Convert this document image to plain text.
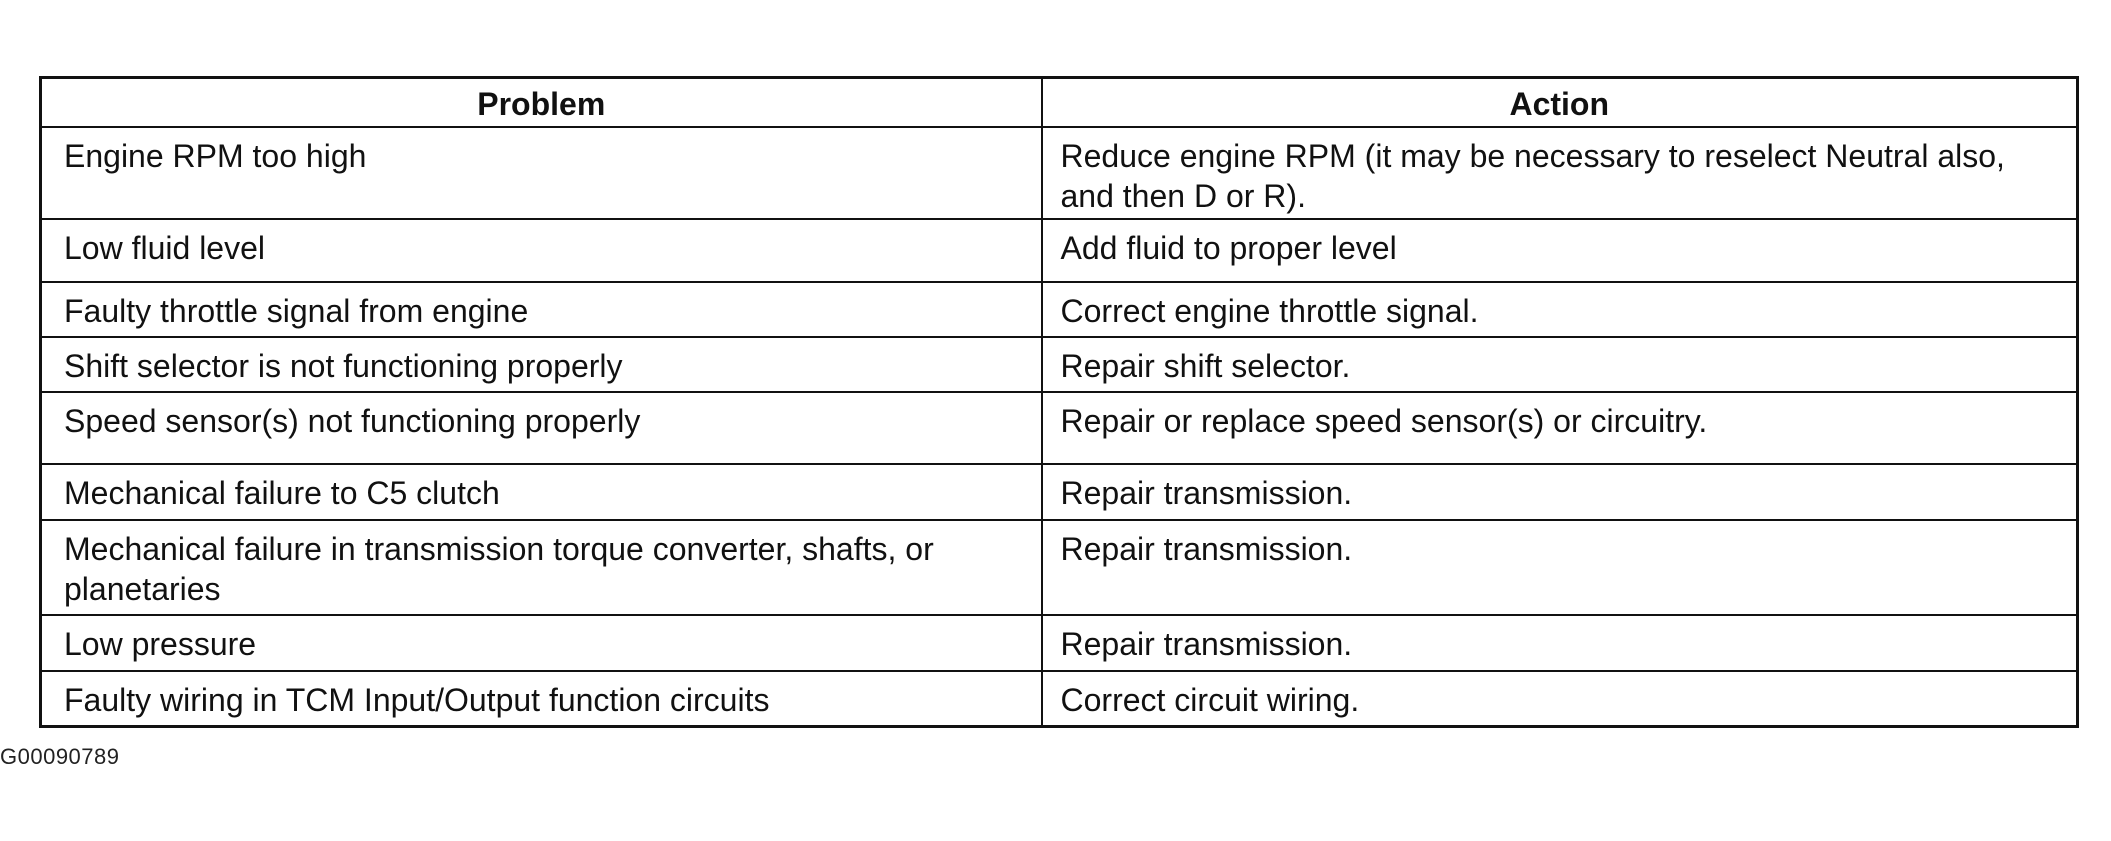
Problem	Action
Engine RPM too high	Reduce engine RPM (it may be necessary to reselect Neutral also, and then D or R).
Low fluid level	Add fluid to proper level
Faulty throttle signal from engine	Correct engine throttle signal.
Shift selector is not functioning properly	Repair shift selector.
Speed sensor(s) not functioning properly	Repair or replace speed sensor(s) or circuitry.
Mechanical failure to C5 clutch	Repair transmission.
Mechanical failure in transmission torque converter, shafts, or planetaries	Repair transmission.
Low pressure	Repair transmission.
Faulty wiring in TCM Input/Output function circuits	Correct circuit wiring.
G00090789
